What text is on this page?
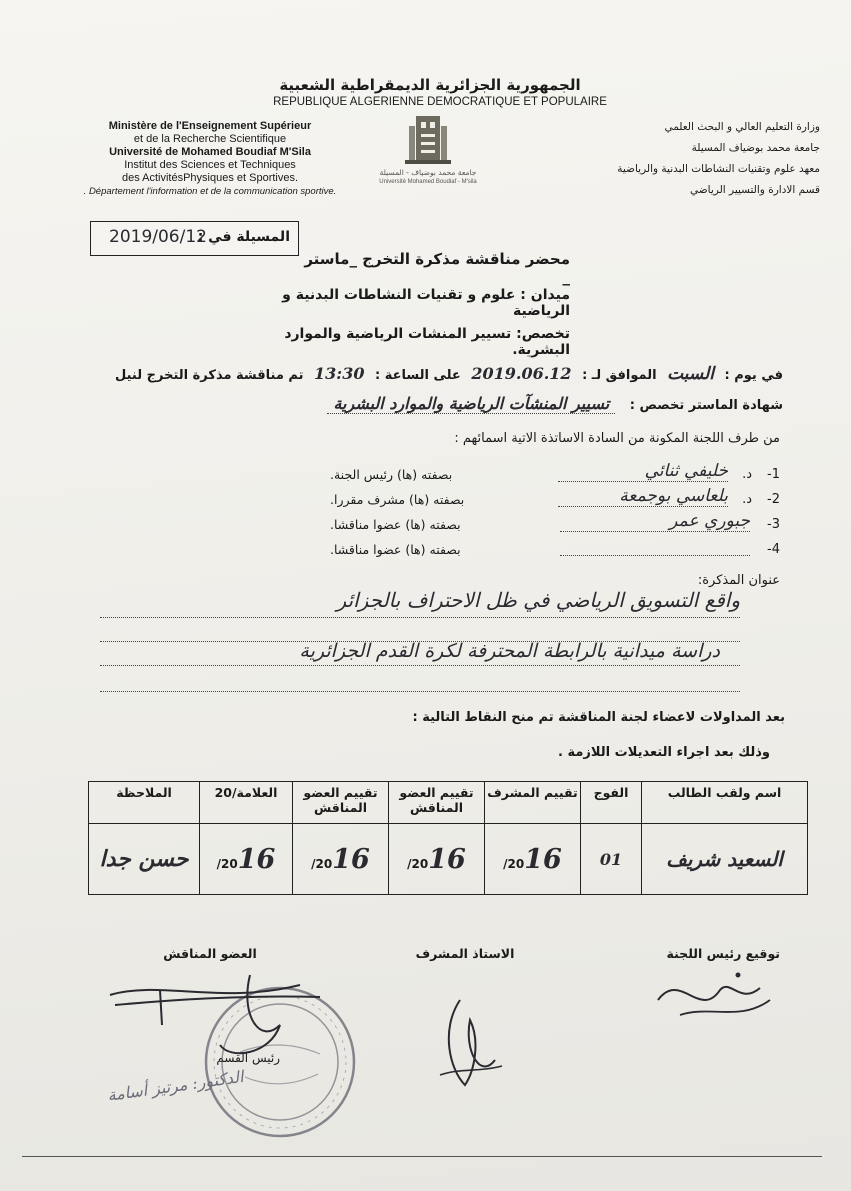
الجمهورية الجزائرية الديمقراطية الشعبية
REPUBLIQUE ALGERIENNE DEMOCRATIQUE ET POPULAIRE
Ministère de l'Enseignement Supérieur
et de la Recherche Scientifique
Université de Mohamed Boudiaf M'Sila
Institut des Sciences et Techniques
des ActivitésPhysiques et Sportives.
. Département l'information et de la communication sportive.
جامعة محمد بوضياف - المسيلة
Université Mohamed Boudiaf - M'sila
وزارة التعليم العالي و البحث العلمي
جامعة محمد بوضياف المسيلة
معهد علوم وتقنيات النشاطات البدنية والرياضية
قسم الادارة والتسيير الرياضي
المسيلة في :
2019/06/12
محضر مناقشة مذكرة التخرج _ماستر _
ميدان : علوم و تقنيات النشاطات البدنية و الرياضية
تخصص: تسيير المنشات الرياضية والموارد البشرية.
في يوم : السبت الموافق لـ : 2019.06.12 على الساعة : 13:30 تم مناقشة مذكرة التخرج لنيل
شهادة الماستر تخصص : تسيير المنشآت الرياضية والموارد البشرية
من طرف اللجنة المكونة من السادة الاساتذة الاتية اسمائهم :
-1
د.
خليفي ثنائي
بصفته (ها) رئيس الجنة.
-2
د.
بلعاسي بوجمعة
بصفته (ها) مشرف مقررا.
-3
جبوري عمر
بصفته (ها) عضوا مناقشا.
-4
بصفته (ها) عضوا مناقشا.
عنوان المذكرة:
واقع التسويق الرياضي في ظل الاحتراف بالجزائر
دراسة ميدانية بالرابطة المحترفة لكرة القدم الجزائرية
بعد المداولات لاعضاء لجنة المناقشة تم منح النقاط التالية :
وذلك بعد اجراء التعديلات اللازمة .
اسم ولقب الطالب	الفوج	تقييم المشرف	تقييم العضو المناقش	تقييم العضو المناقش	العلامة/20	الملاحظة
السعيد شريف	01	/2016	/2016	/2016	/2016	حسن جدا
توقيع رئيس اللجنة
الاستاذ المشرف
العضو المناقش
رئيس القسم
الدكتور: مرتيز أسامة
